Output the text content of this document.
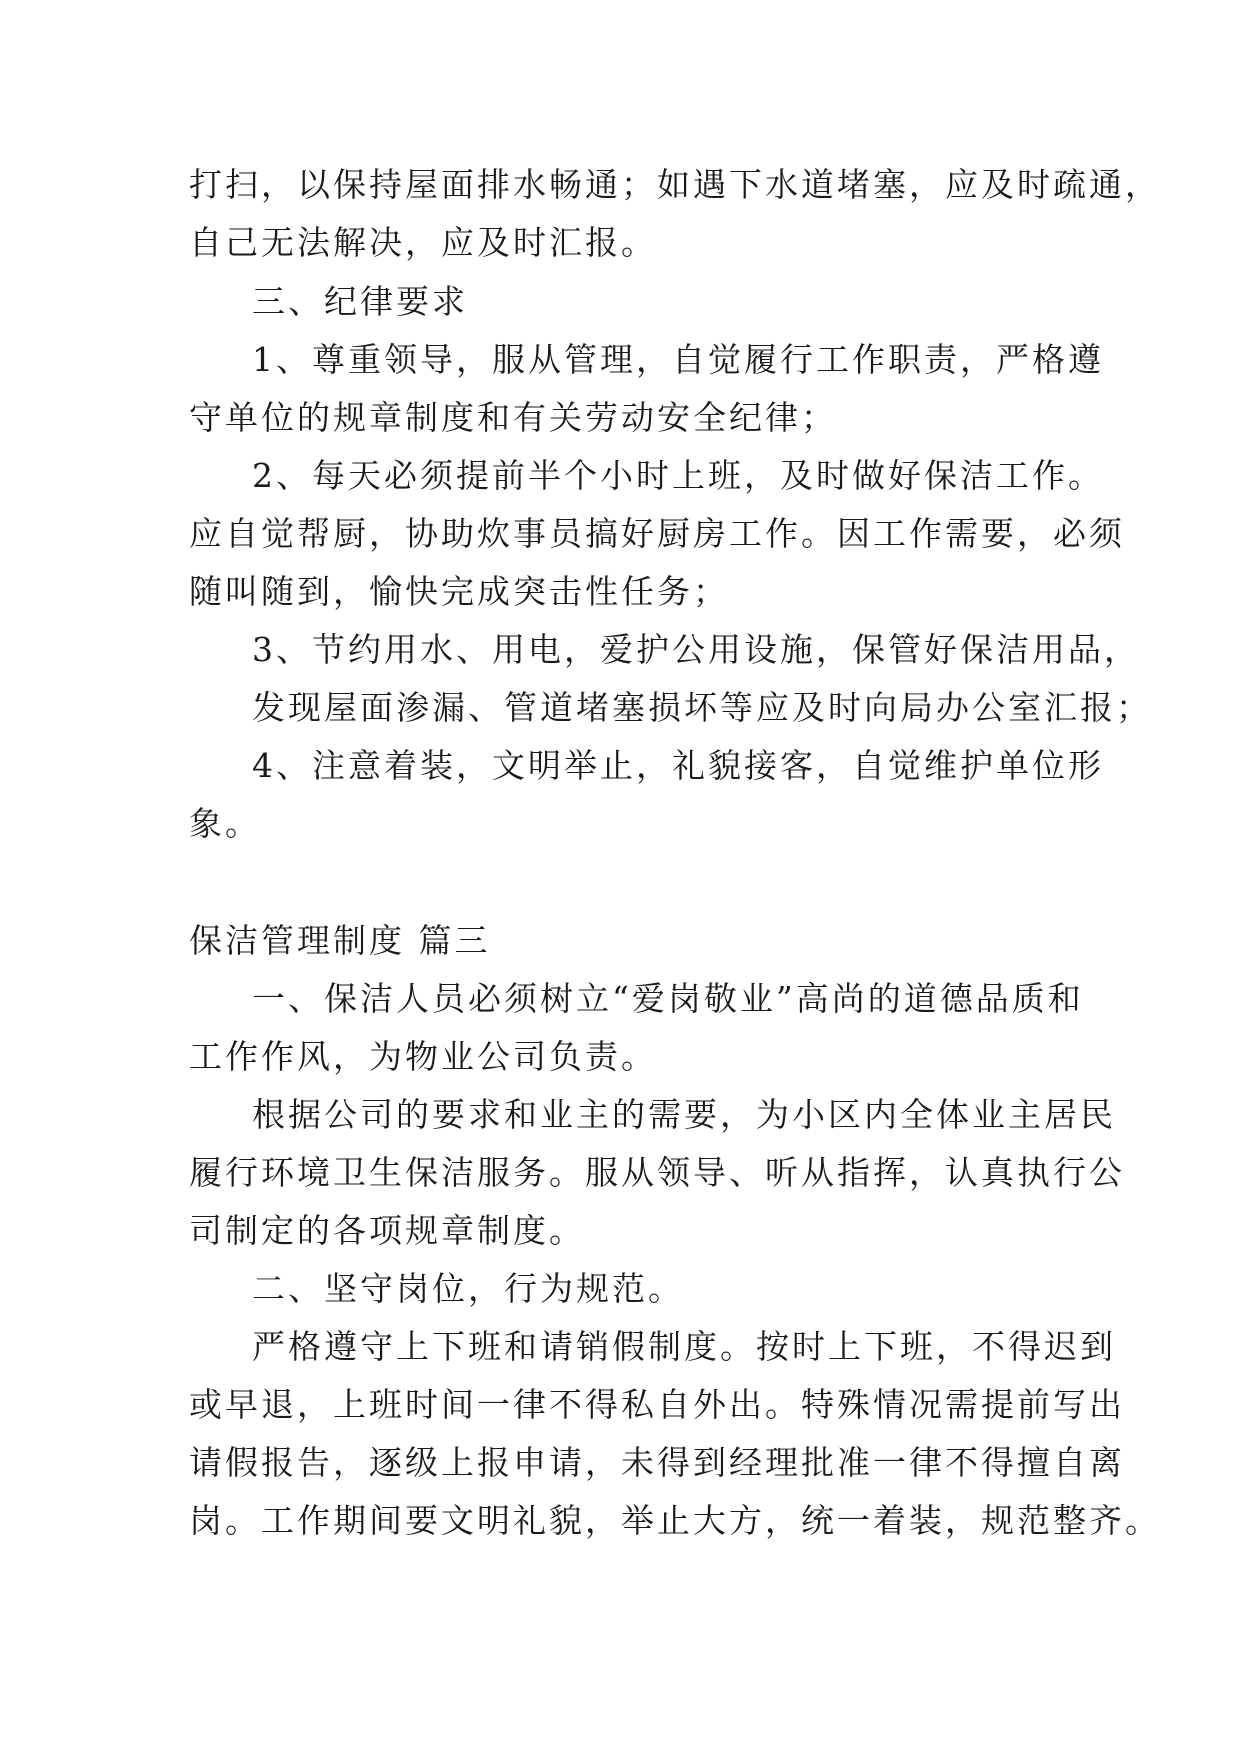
打扫，以保持屋面排水畅通；如遇下水道堵塞，应及时疏通，
自己无法解决，应及时汇报。
三、纪律要求
1、尊重领导，服从管理，自觉履行工作职责，严格遵
守单位的规章制度和有关劳动安全纪律；
2、每天必须提前半个小时上班，及时做好保洁工作。
应自觉帮厨，协助炊事员搞好厨房工作。因工作需要，必须
随叫随到，愉快完成突击性任务；
3、节约用水、用电，爱护公用设施，保管好保洁用品，
发现屋面渗漏、管道堵塞损坏等应及时向局办公室汇报；
4、注意着装，文明举止，礼貌接客，自觉维护单位形
象。
保洁管理制度 篇三
一、保洁人员必须树立“爱岗敬业”高尚的道德品质和
工作作风，为物业公司负责。
根据公司的要求和业主的需要，为小区内全体业主居民
履行环境卫生保洁服务。服从领导、听从指挥，认真执行公
司制定的各项规章制度。
二、坚守岗位，行为规范。
严格遵守上下班和请销假制度。按时上下班，不得迟到
或早退，上班时间一律不得私自外出。特殊情况需提前写出
请假报告，逐级上报申请，未得到经理批准一律不得擅自离
岗。工作期间要文明礼貌，举止大方，统一着装，规范整齐。
